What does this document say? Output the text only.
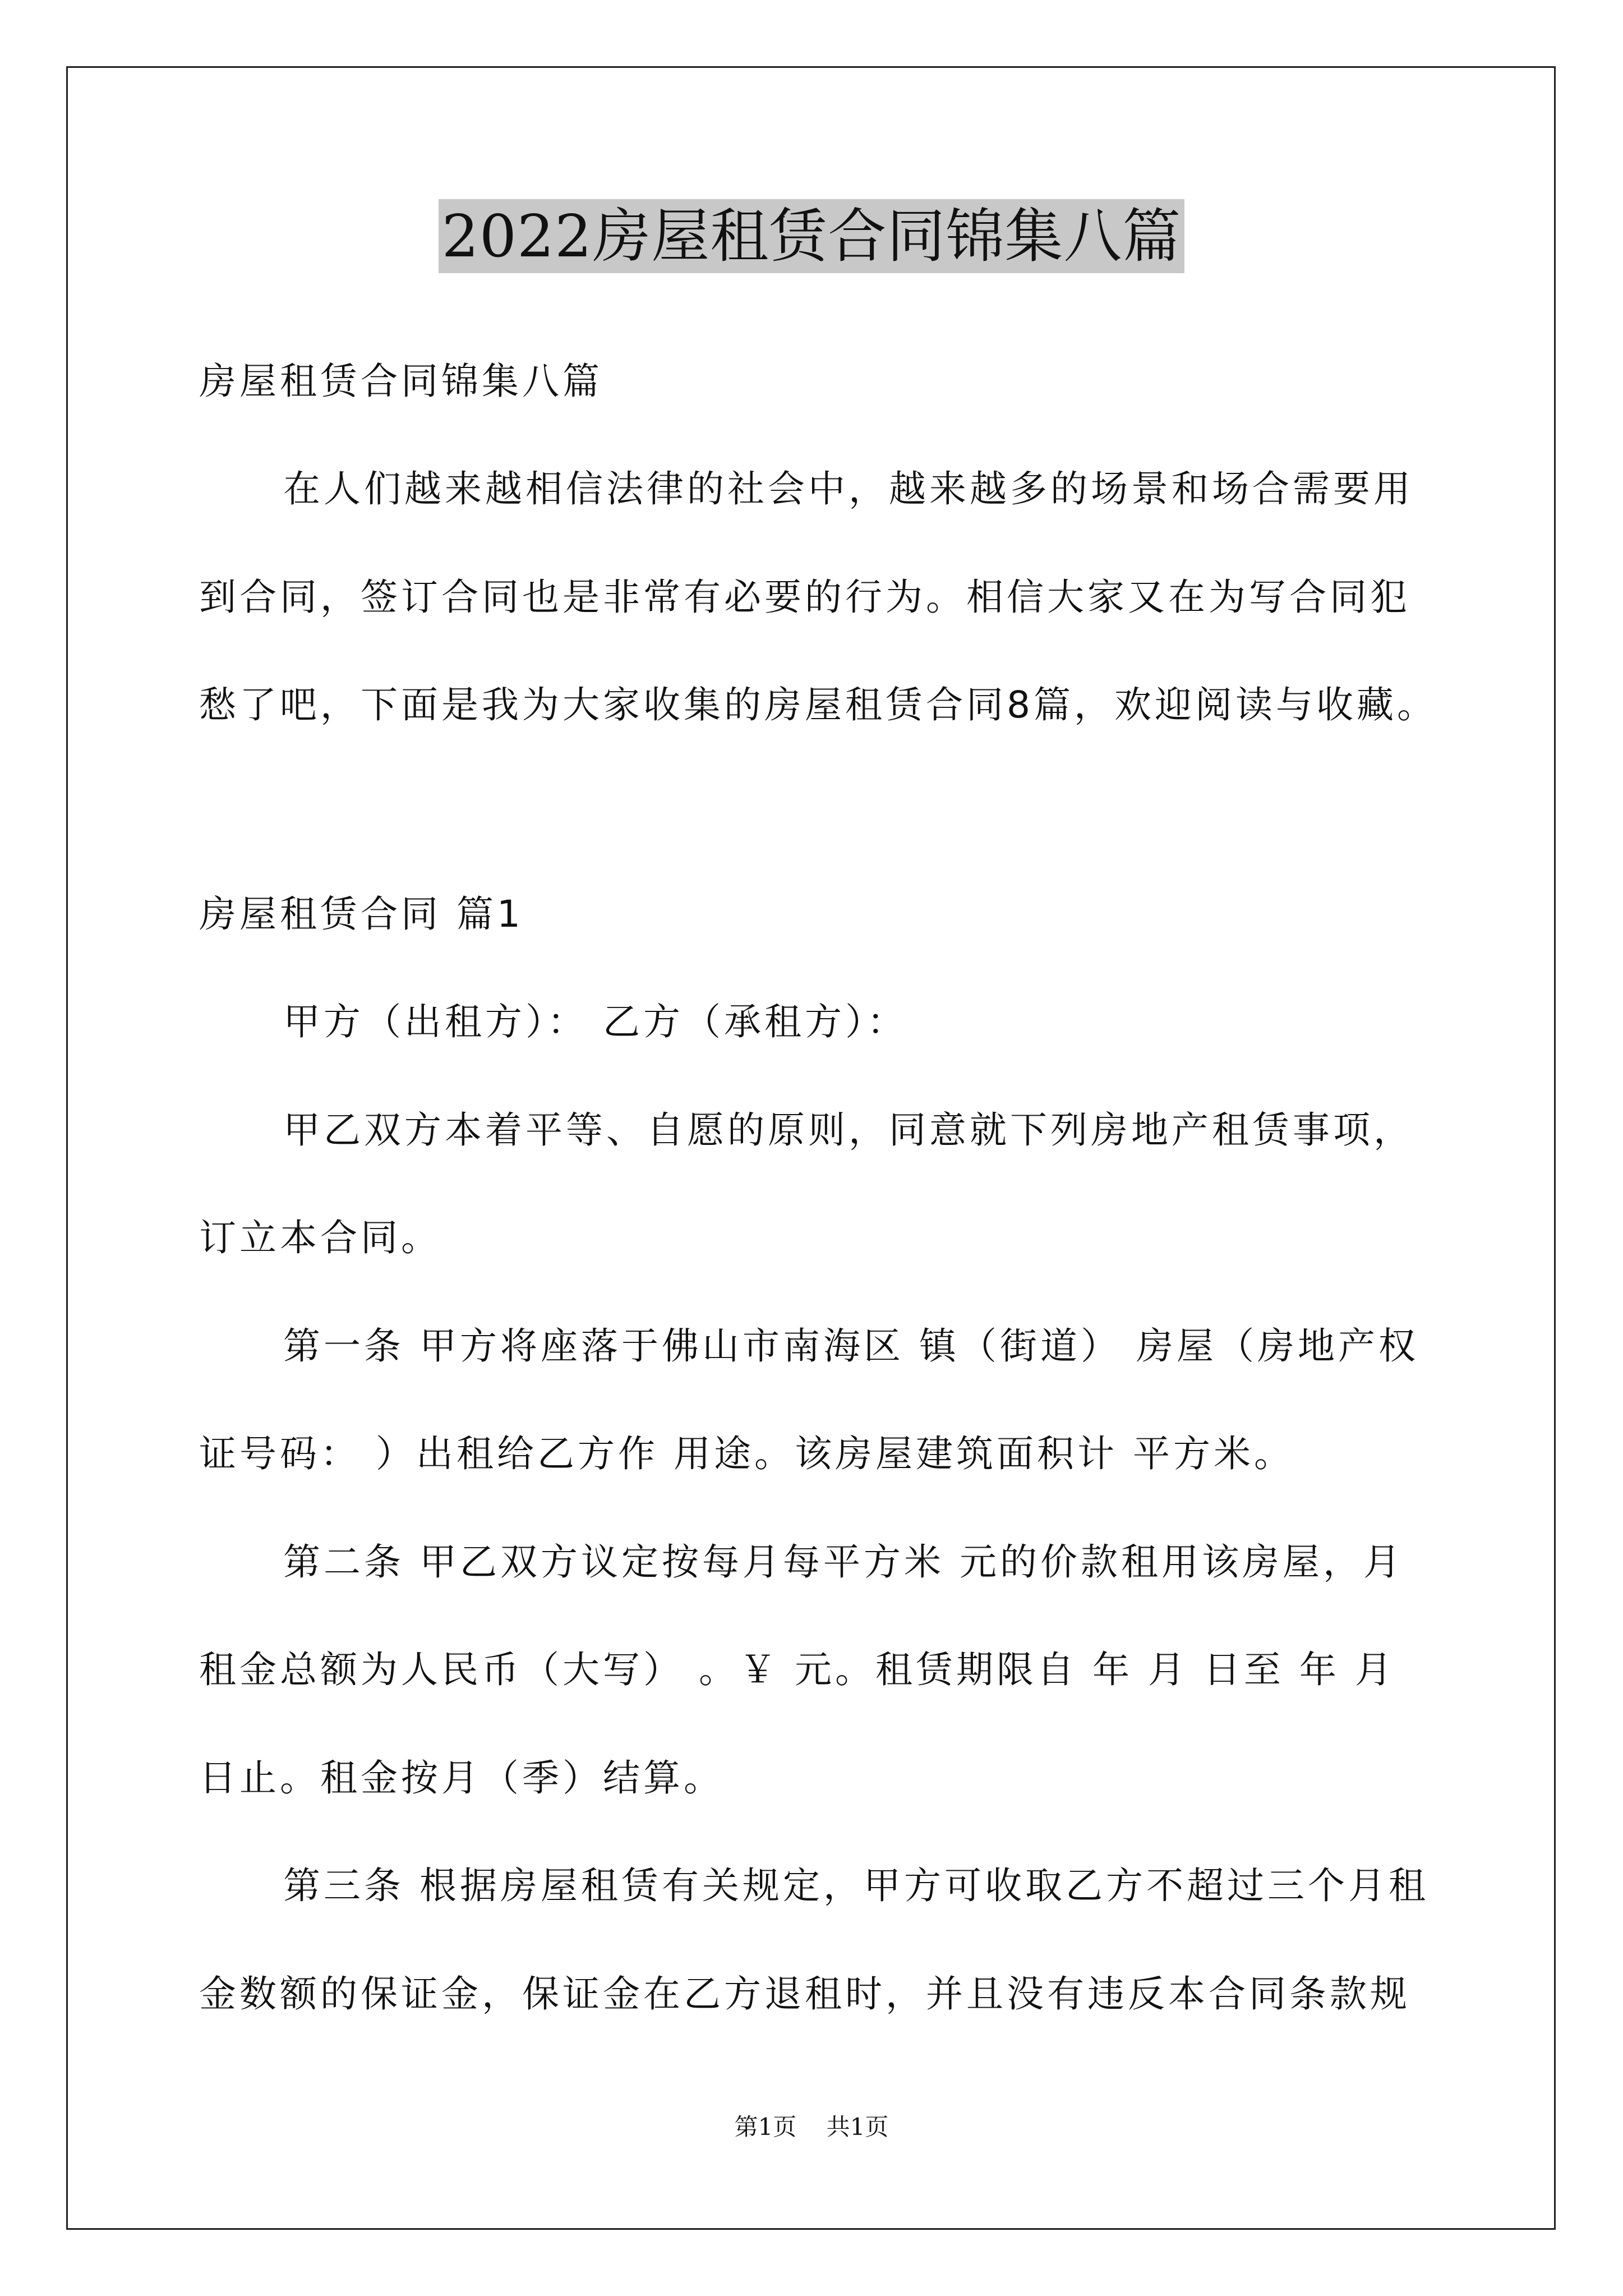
2022房屋租赁合同锦集八篇
房屋租赁合同锦集八篇
在人们越来越相信法律的社会中，越来越多的场景和场合需要用
到合同，签订合同也是非常有必要的行为。相信大家又在为写合同犯
愁了吧，下面是我为大家收集的房屋租赁合同8篇，欢迎阅读与收藏。
房屋租赁合同 篇1
甲方（出租方）： 乙方（承租方）：
甲乙双方本着平等、自愿的原则，同意就下列房地产租赁事项，
订立本合同。
第一条 甲方将座落于佛山市南海区 镇（街道） 房屋（房地产权
证号码： ）出租给乙方作 用途。该房屋建筑面积计 平方米。
第二条 甲乙双方议定按每月每平方米 元的价款租用该房屋，月
租金总额为人民币（大写） 。￥ 元。租赁期限自 年 月 日至 年 月
日止。租金按月（季）结算。
第三条 根据房屋租赁有关规定，甲方可收取乙方不超过三个月租
金数额的保证金，保证金在乙方退租时，并且没有违反本合同条款规
第1页    共1页
